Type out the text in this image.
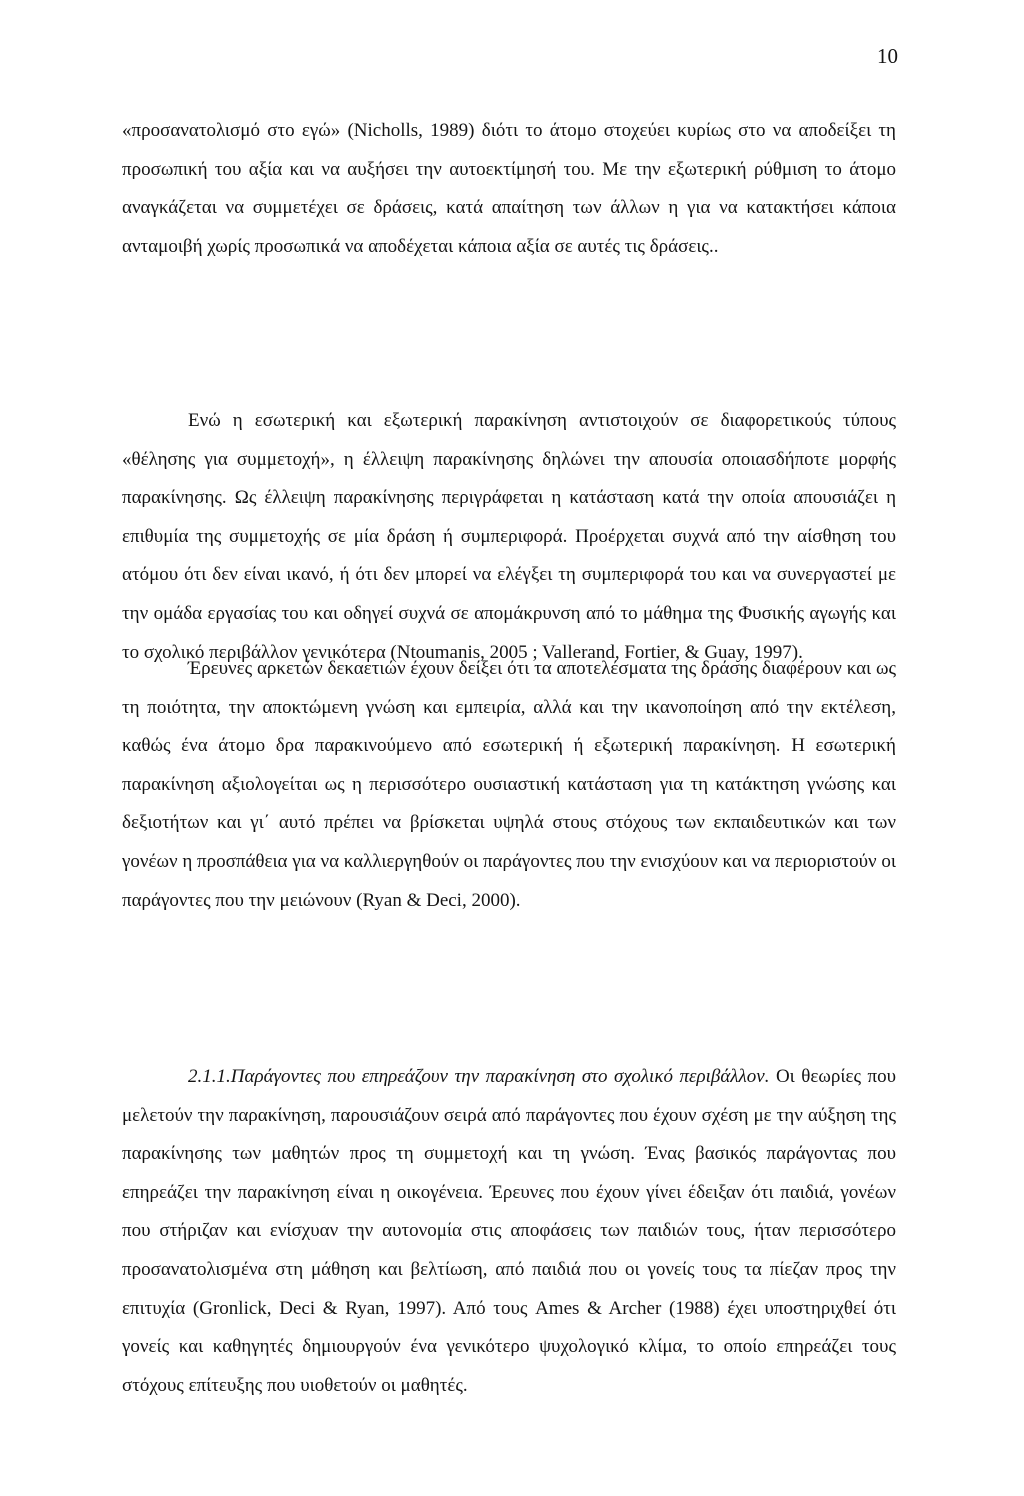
10

«προσανατολισμό στο εγώ» (Nicholls, 1989) διότι το άτομο στοχεύει κυρίως στο να αποδείξει τη προσωπική του αξία και να αυξήσει την αυτοεκτίμησή του. Με την εξωτερική ρύθμιση το άτομο αναγκάζεται να συμμετέχει σε δράσεις, κατά απαίτηση των άλλων η για να κατακτήσει κάποια ανταμοιβή χωρίς προσωπικά να αποδέχεται κάποια αξία σε αυτές τις δράσεις..

Ενώ η εσωτερική και εξωτερική παρακίνηση αντιστοιχούν σε διαφορετικούς τύπους «θέλησης για συμμετοχή», η έλλειψη παρακίνησης δηλώνει την απουσία οποιασδήποτε μορφής παρακίνησης. Ως έλλειψη παρακίνησης περιγράφεται η κατάσταση κατά την οποία απουσιάζει η επιθυμία της συμμετοχής σε μία δράση ή συμπεριφορά. Προέρχεται συχνά από την αίσθηση του ατόμου ότι δεν είναι ικανό, ή ότι δεν μπορεί να ελέγξει τη συμπεριφορά του και να συνεργαστεί με την ομάδα εργασίας του και οδηγεί συχνά σε απομάκρυνση από το μάθημα της Φυσικής αγωγής και το σχολικό περιβάλλον γενικότερα (Ntoumanis, 2005 ; Vallerand, Fortier, & Guay, 1997).

Έρευνες αρκετών δεκαετιών έχουν δείξει ότι τα αποτελέσματα της δράσης διαφέρουν και ως τη ποιότητα, την αποκτώμενη γνώση και εμπειρία, αλλά και την ικανοποίηση από την εκτέλεση, καθώς ένα άτομο δρα παρακινούμενο από εσωτερική ή εξωτερική παρακίνηση. Η εσωτερική παρακίνηση αξιολογείται ως η περισσότερο ουσιαστική κατάσταση για τη κατάκτηση γνώσης και δεξιοτήτων και γι΄ αυτό πρέπει να βρίσκεται υψηλά στους στόχους των εκπαιδευτικών και των γονέων η προσπάθεια για να καλλιεργηθούν οι παράγοντες που την ενισχύουν και να περιοριστούν οι παράγοντες που την μειώνουν (Ryan & Deci, 2000).

2.1.1.Παράγοντες που επηρεάζουν την παρακίνηση στο σχολικό περιβάλλον. Οι θεωρίες που μελετούν την παρακίνηση, παρουσιάζουν σειρά από παράγοντες που έχουν σχέση με την αύξηση της παρακίνησης των μαθητών προς τη συμμετοχή και τη γνώση. Ένας βασικός παράγοντας που επηρεάζει την παρακίνηση είναι η οικογένεια. Έρευνες που έχουν γίνει έδειξαν ότι παιδιά, γονέων που στήριζαν και ενίσχυαν την αυτονομία στις αποφάσεις των παιδιών τους, ήταν περισσότερο προσανατολισμένα στη μάθηση και βελτίωση, από παιδιά που οι γονείς τους τα πίεζαν προς την επιτυχία (Gronlick, Deci & Ryan, 1997). Από τους Ames & Archer (1988) έχει υποστηριχθεί ότι γονείς και καθηγητές δημιουργούν ένα γενικότερο ψυχολογικό κλίμα, το οποίο επηρεάζει τους στόχους επίτευξης που υιοθετούν οι μαθητές.
